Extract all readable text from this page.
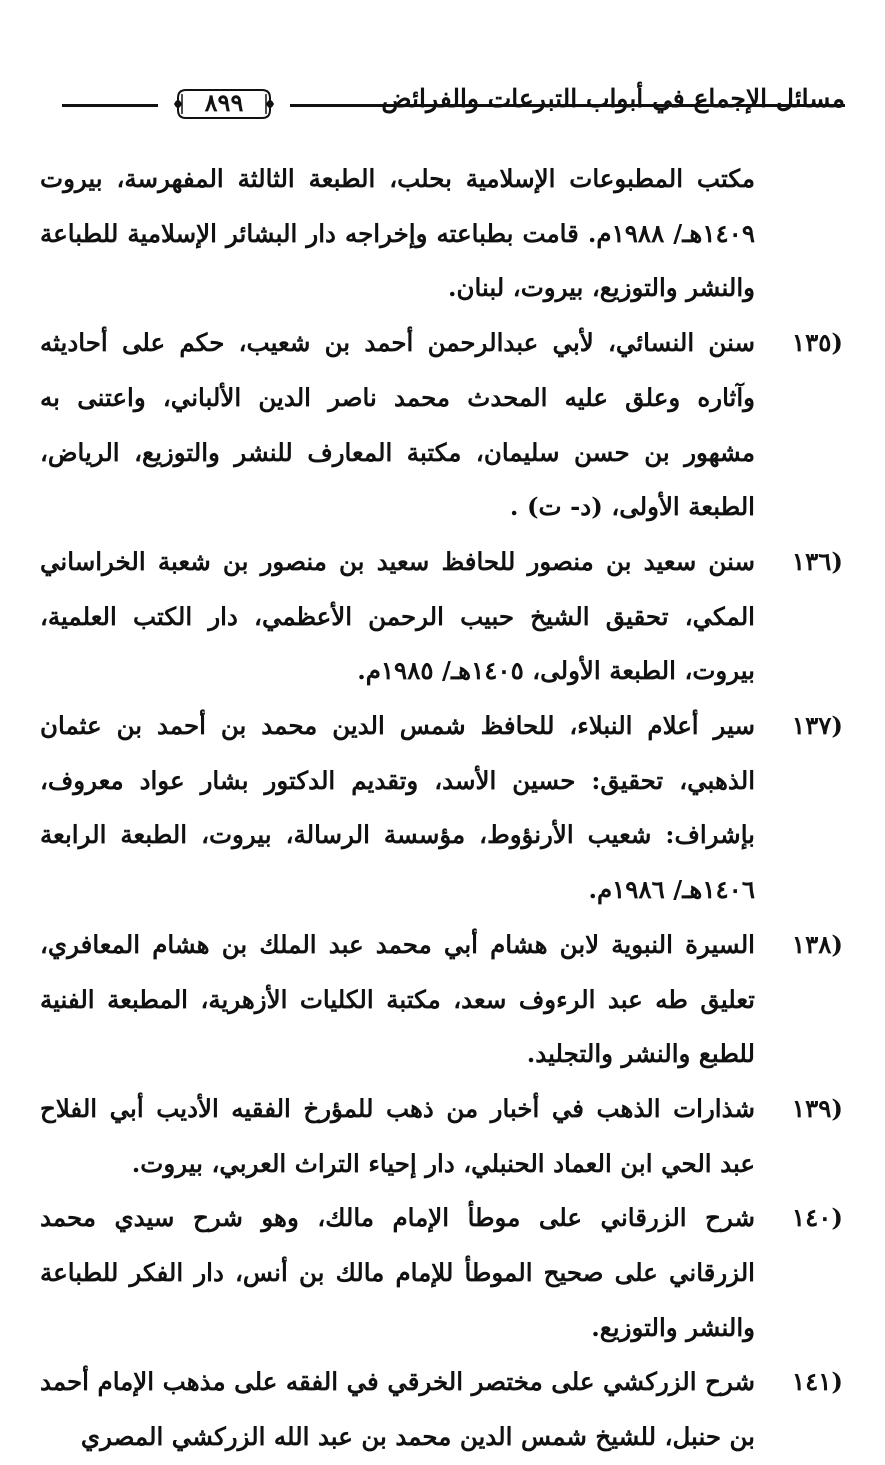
٨٩٩	مسائل الإجماع في أبواب التبرعات والفرائض

مكتب المطبوعات الإسلامية بحلب، الطبعة الثالثة المفهرسة، بيروت ١٤٠٩هـ/ ١٩٨٨م. قامت بطباعته وإخراجه دار البشائر الإسلامية للطباعة والنشر والتوزيع، بيروت، لبنان.

(١٣٥
سنن النسائي، لأبي عبدالرحمن أحمد بن شعيب، حكم على أحاديثه وآثاره وعلق عليه المحدث محمد ناصر الدين الألباني، واعتنى به مشهور بن حسن سليمان، مكتبة المعارف للنشر والتوزيع، الرياض، الطبعة الأولى، (د- ت) .
(١٣٦
سنن سعيد بن منصور للحافظ سعيد بن منصور بن شعبة الخراساني المكي، تحقيق الشيخ حبيب الرحمن الأعظمي، دار الكتب العلمية، بيروت، الطبعة الأولى، ١٤٠٥هـ/ ١٩٨٥م.
(١٣٧
سير أعلام النبلاء، للحافظ شمس الدين محمد بن أحمد بن عثمان الذهبي، تحقيق: حسين الأسد، وتقديم الدكتور بشار عواد معروف، بإشراف: شعيب الأرنؤوط، مؤسسة الرسالة، بيروت، الطبعة الرابعة ١٤٠٦هـ/ ١٩٨٦م.
(١٣٨
السيرة النبوية لابن هشام أبي محمد عبد الملك بن هشام المعافري، تعليق طه عبد الرءوف سعد، مكتبة الكليات الأزهرية، المطبعة الفنية للطبع والنشر والتجليد.
(١٣٩
شذارات الذهب في أخبار من ذهب للمؤرخ الفقيه الأديب أبي الفلاح عبد الحي ابن العماد الحنبلي، دار إحياء التراث العربي، بيروت.
(١٤٠
شرح الزرقاني على موطأ الإمام مالك، وهو شرح سيدي محمد الزرقاني على صحيح الموطأ للإمام مالك بن أنس، دار الفكر للطباعة والنشر والتوزيع.
(١٤١
شرح الزركشي على مختصر الخرقي في الفقه على مذهب الإمام أحمد بن حنبل، للشيخ شمس الدين محمد بن عبد الله الزركشي المصري
